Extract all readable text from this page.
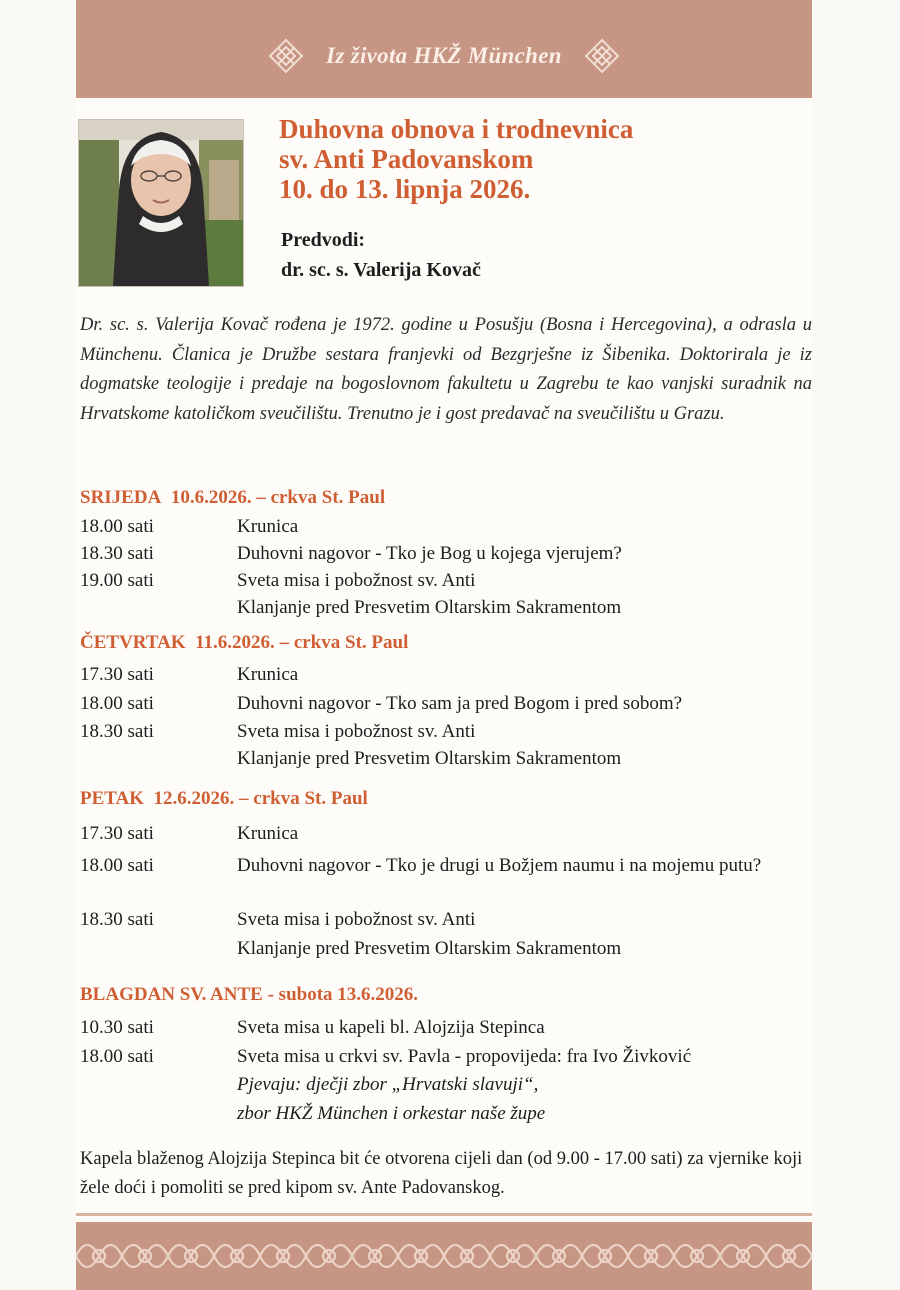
Iz života HKŽ München
Duhovna obnova i trodnevnica
sv. Anti Padovanskom
10. do 13. lipnja 2026.
Predvodi:
dr. sc. s. Valerija Kovač
Dr. sc. s. Valerija Kovač rođena je 1972. godine u Posušju (Bosna i Hercegovina), a odrasla u Münchenu. Članica je Družbe sestara franjevki od Bezgrješne iz Šibenika. Doktorirala je iz dogmatske teologije i predaje na bogoslovnom fakultetu u Zagrebu te kao vanjski suradnik na Hrvatskome katoličkom sveučilištu. Trenutno je i gost predavač na sveučilištu u Grazu.
SRIJEDA 10.6.2026. – crkva St. Paul
18.00 sati	Krunica
18.30 sati	Duhovni nagovor - Tko je Bog u kojega vjerujem?
19.00 sati	Sveta misa i pobožnost sv. Anti
Klanjanje pred Presvetim Oltarskim Sakramentom
ČETVRTAK 11.6.2026. – crkva St. Paul
17.30 sati	Krunica
18.00 sati	Duhovni nagovor - Tko sam ja pred Bogom i pred sobom?
18.30 sati	Sveta misa i pobožnost sv. Anti
Klanjanje pred Presvetim Oltarskim Sakramentom
PETAK 12.6.2026. – crkva St. Paul
17.30 sati	Krunica
18.00 sati	Duhovni nagovor - Tko je drugi u Božjem naumu i na mojemu putu?
18.30 sati	Sveta misa i pobožnost sv. Anti
Klanjanje pred Presvetim Oltarskim Sakramentom
BLAGDAN SV. ANTE - subota 13.6.2026.
10.30 sati	Sveta misa u kapeli bl. Alojzija Stepinca
18.00 sati	Sveta misa u crkvi sv. Pavla - propovijeda: fra Ivo Živković
Pjevaju: dječji zbor „Hrvatski slavuji“,
zbor HKŽ München i orkestar naše župe
Kapela blaženog Alojzija Stepinca bit će otvorena cijeli dan (od 9.00 - 17.00 sati) za vjernike koji žele doći i pomoliti se pred kipom sv. Ante Padovanskog.
